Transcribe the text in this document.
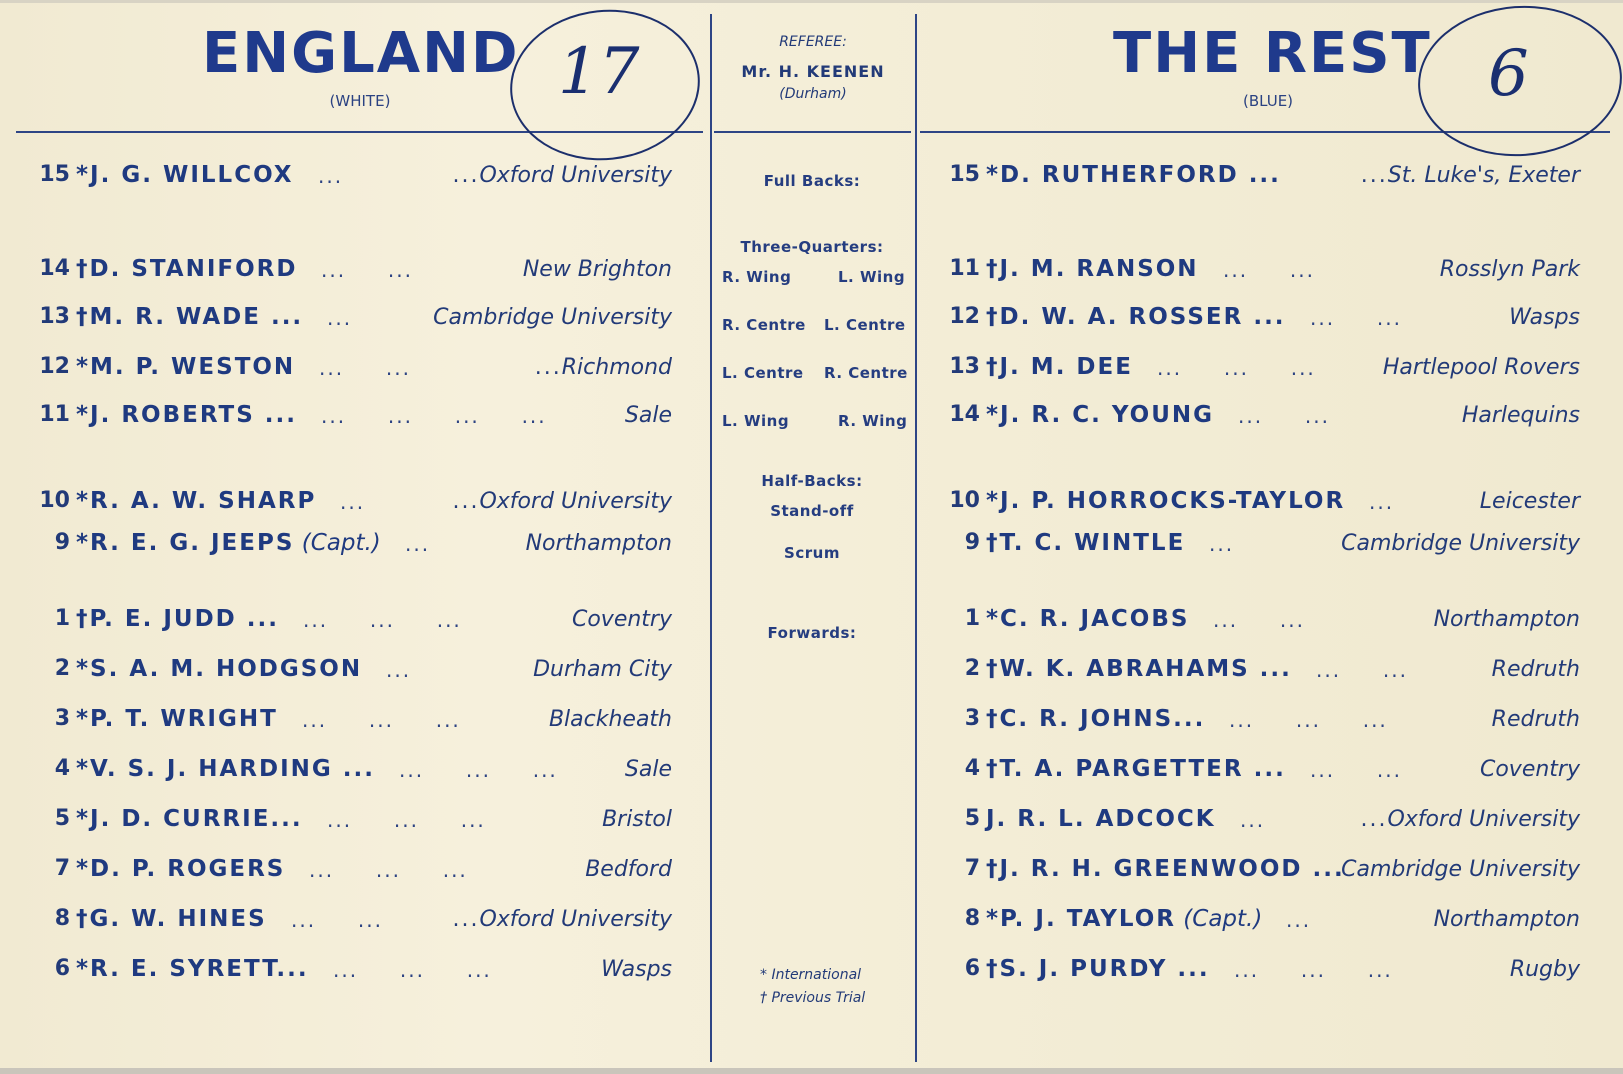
ENGLAND
(WHITE)	17	REFEREE:
Mr. H. KEENEN
(Durham)
THE REST
(BLUE)	6
Full Backs:
Three-Quarters:
R. Wing	L. Wing
R. Centre L. Centre
L. Centre R. Centre
L. Wing	R. Wing
Half-Backs:
Stand-off
Scrum
Forwards:
* International
† Previous Trial
15 *J. G. WILLCOX	...Oxford University
...
14 †D. STANIFORD	New Brighton
...     ...
13 †M. R. WADE ...	Cambridge University
...
12 *M. P. WESTON	...Richmond
...     ...
11 *J. ROBERTS ...	Sale
...     ...     ...     ...
10 *R. A. W. SHARP	...Oxford University
...
9 *R. E. G. JEEPS (Capt.)	Northampton
...
1 †P. E. JUDD ...	Coventry
...     ...     ...
2 *S. A. M. HODGSON	Durham City
...
3 *P. T. WRIGHT	Blackheath
...     ...     ...
4 *V. S. J. HARDING ...	Sale
...     ...     ...
5 *J. D. CURRIE...	Bristol
...     ...     ...
7 *D. P. ROGERS	Bedford
...     ...     ...
8 †G. W. HINES	...Oxford University
...     ...
6 *R. E. SYRETT...	Wasps
...     ...     ...
15 *D. RUTHERFORD ...	...St. Luke's, Exeter
11 †J. M. RANSON	Rosslyn Park
...     ...
12 †D. W. A. ROSSER ...	Wasps
...     ...
13 †J. M. DEE	Hartlepool Rovers
...     ...     ...
14 *J. R. C. YOUNG	Harlequins
...     ...
10 *J. P. HORROCKS-TAYLOR	Leicester
...
9 †T. C. WINTLE	Cambridge University
...
1 *C. R. JACOBS	Northampton
...     ...
2 †W. K. ABRAHAMS ...	Redruth
...     ...
3 †C. R. JOHNS...	Redruth
...     ...     ...
4 †T. A. PARGETTER ...	Coventry
...     ...
5 J. R. L. ADCOCK	...Oxford University
...
7 †J. R. H. GREENWOOD ...
Cambridge University
8 *P. J. TAYLOR (Capt.)	Northampton
...
6 †S. J. PURDY ...	Rugby
...     ...     ...
